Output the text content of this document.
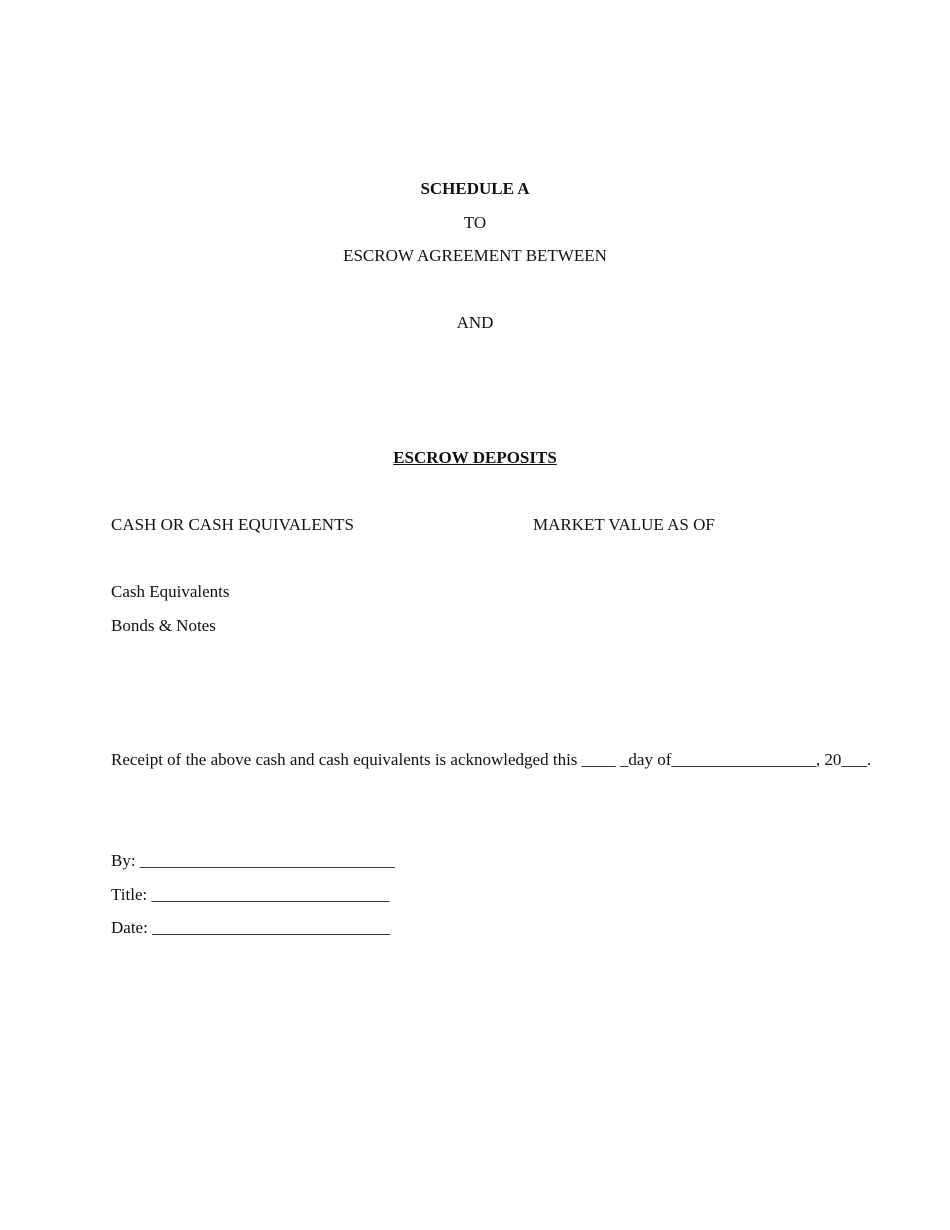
SCHEDULE A
TO
ESCROW AGREEMENT BETWEEN
AND
ESCROW DEPOSITS
CASH OR CASH EQUIVALENTS	MARKET VALUE AS OF
Cash Equivalents
Bonds & Notes
Receipt of the above cash and cash equivalents is acknowledged this ____ _day of_________________, 20___.
By: ______________________________
Title: ____________________________
Date: ____________________________
